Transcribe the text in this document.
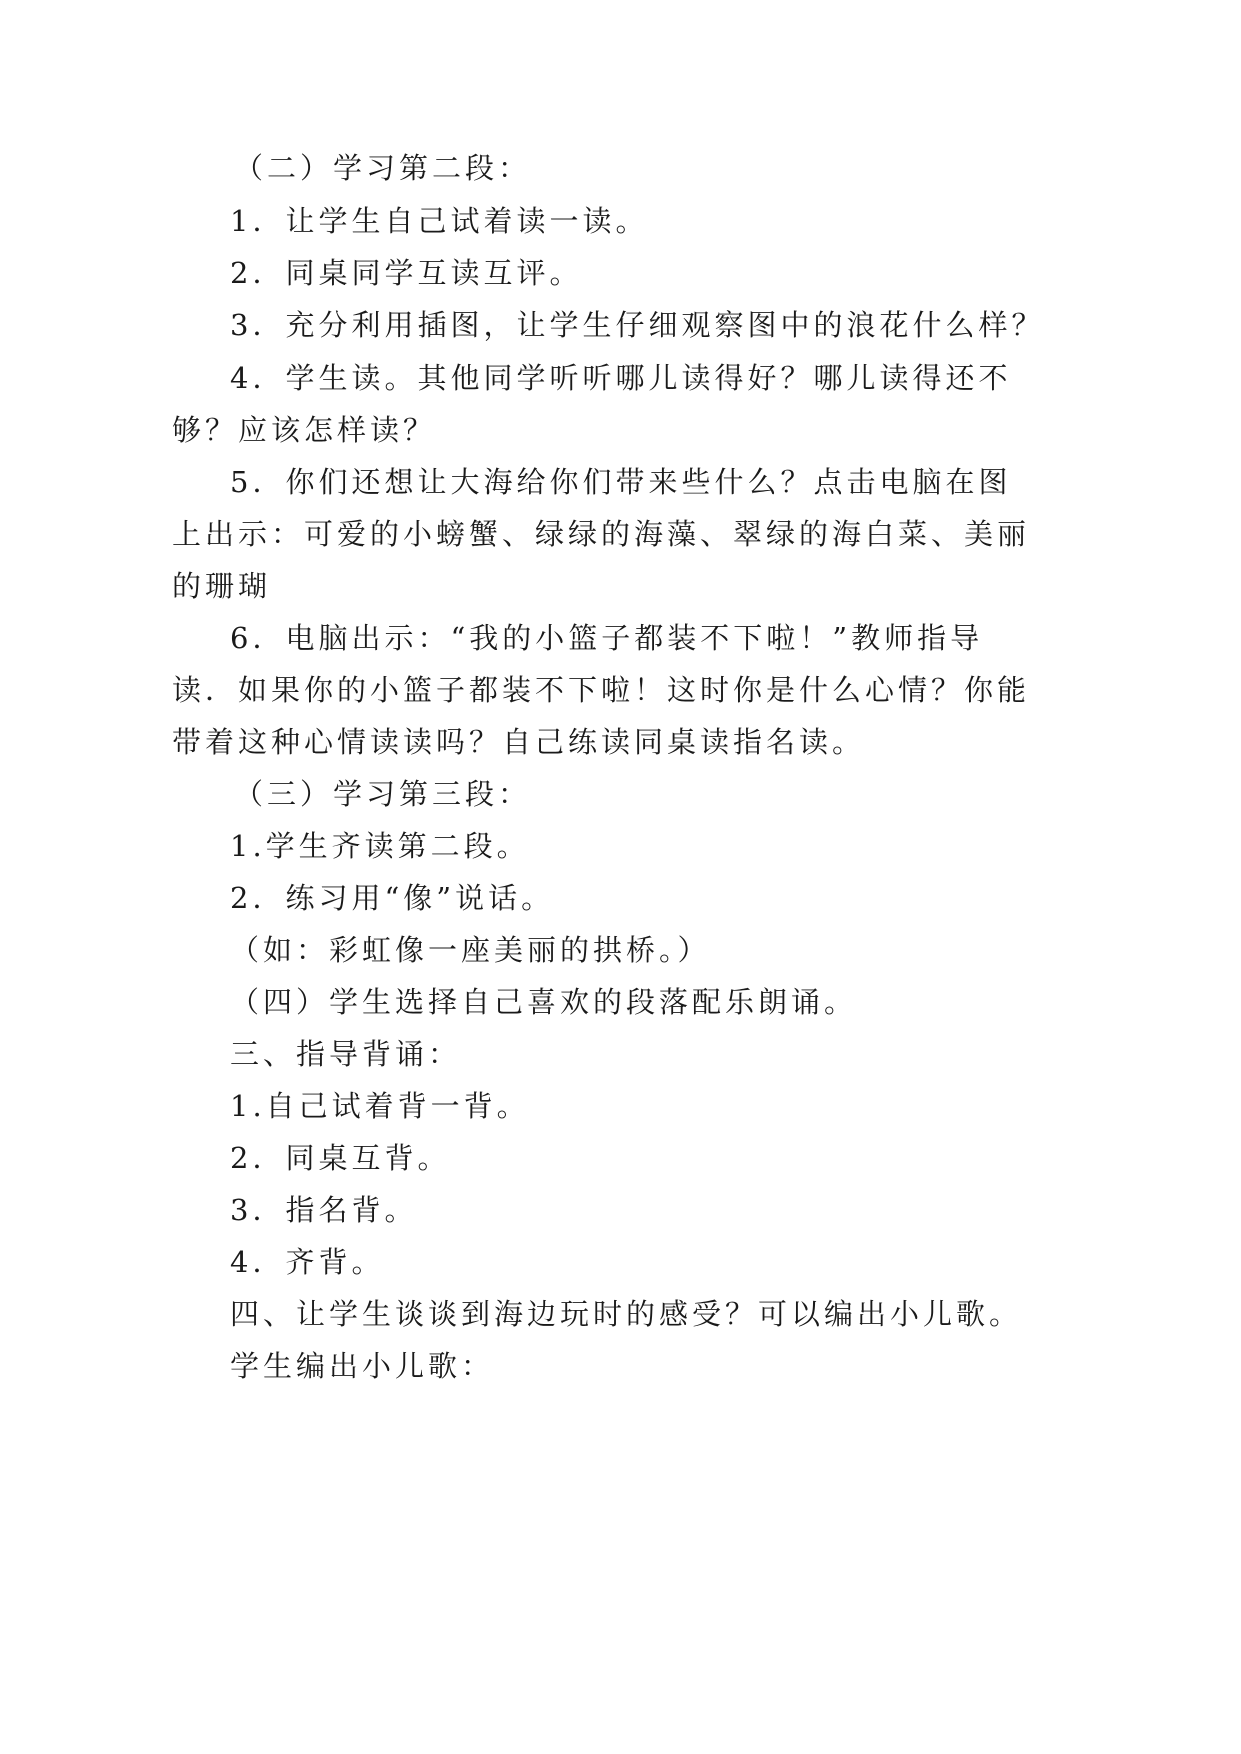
（二）学习第二段：

1．让学生自己试着读一读。

2．同桌同学互读互评。

3．充分利用插图，让学生仔细观察图中的浪花什么样？

4．学生读。其他同学听听哪儿读得好？哪儿读得还不

够？应该怎样读？

5．你们还想让大海给你们带来些什么？点击电脑在图

上出示：可爱的小螃蟹、绿绿的海藻、翠绿的海白菜、美丽

的珊瑚

6．电脑出示：“我的小篮子都装不下啦！”教师指导

读．如果你的小篮子都装不下啦！这时你是什么心情？你能

带着这种心情读读吗？自己练读同桌读指名读。

（三）学习第三段：

1.学生齐读第二段。

2．练习用“像”说话。

（如：彩虹像一座美丽的拱桥。）

（四）学生选择自己喜欢的段落配乐朗诵。

三、指导背诵：

1.自己试着背一背。

2．同桌互背。

3．指名背。

4．齐背。

四、让学生谈谈到海边玩时的感受？可以编出小儿歌。

学生编出小儿歌：
